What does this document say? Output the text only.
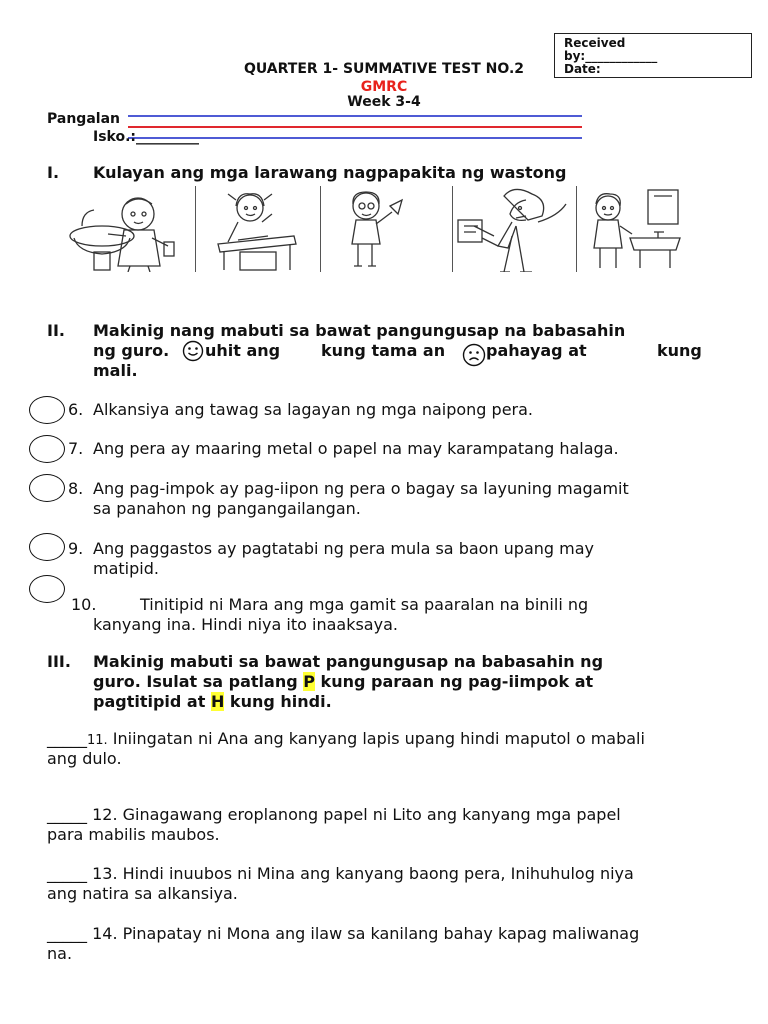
Received
by:____________
Date:
QUARTER 1- SUMMATIVE TEST NO.2
GMRC
Week 3-4
Pangalan
Isko.:_________
I. Kulayan ang mga larawang nagpapakita ng wastong
II. Makinig nang mabuti sa bawat pangungusap na babasahin
ng guro. uhit ang	kung tama an	pahayag at	kung
mali.
6. Alkansiya ang tawag sa lagayan ng mga naipong pera.
7. Ang pera ay maaring metal o papel na may karampatang halaga.
8. Ang pag-impok ay pag-iipon ng pera o bagay sa layuning magamit
sa panahon ng pangangailangan.
9. Ang paggastos ay pagtatabi ng pera mula sa baon upang may
matipid.
10.	Tinitipid ni Mara ang mga gamit sa paaralan na binili ng
kanyang ina. Hindi niya ito inaaksaya.
III. Makinig mabuti sa bawat pangungusap na babasahin ng
guro. Isulat sa patlang P kung paraan ng pag-iimpok at
pagtitipid at H kung hindi.
_____11. Iniingatan ni Ana ang kanyang lapis upang hindi maputol o mabali
ang dulo.
_____ 12. Ginagawang eroplanong papel ni Lito ang kanyang mga papel
para mabilis maubos.
_____ 13. Hindi inuubos ni Mina ang kanyang baong pera, Inihuhulog niya
ang natira sa alkansiya.
_____ 14. Pinapatay ni Mona ang ilaw sa kanilang bahay kapag maliwanag
na.
